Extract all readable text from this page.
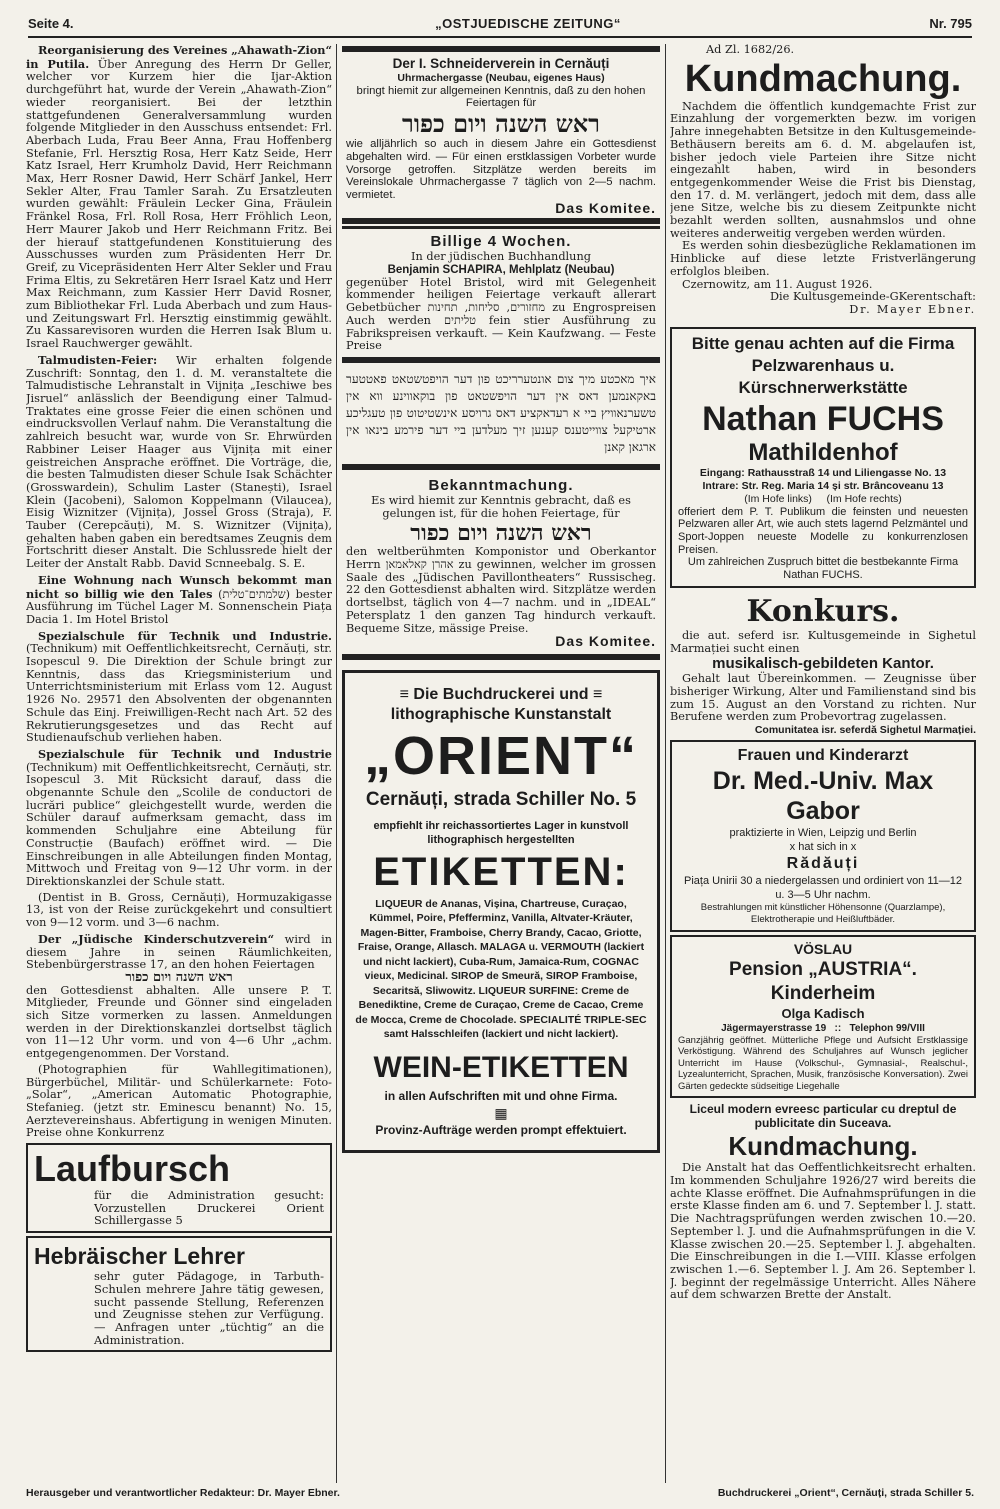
Seite 4.	„OSTJUEDISCHE ZEITUNG“	Nr. 795

Reorganisierung des Vereines „Ahawath-Zion“ in Putila. Über Anregung des Herrn Dr Geller, welcher vor Kurzem hier die Ijar-Aktion durchgeführt hat, wurde der Verein „Ahawath-Zion“ wieder reorganisiert. Bei der letzthin stattgefundenen Generalversammlung wurden folgende Mitglieder in den Ausschuss entsendet: Frl. Aberbach Luda, Frau Beer Anna, Frau Hoffenberg Stefanie, Frl. Hersztig Rosa, Herr Katz Seide, Herr Katz Israel, Herr Krumholz David, Herr Reichmann Max, Herr Rosner Dawid, Herr Schärf Jankel, Herr Sekler Alter, Frau Tamler Sarah. Zu Ersatzleuten wurden gewählt: Fräulein Lecker Gina, Fräulein Fränkel Rosa, Frl. Roll Rosa, Herr Fröhlich Leon, Herr Maurer Jakob und Herr Reichmann Fritz. Bei der hierauf stattgefundenen Konstituierung des Ausschusses wurden zum Präsidenten Herr Dr. Greif, zu Vicepräsidenten Herr Alter Sekler und Frau Frima Eltis, zu Sekretären Herr Israel Katz und Herr Max Reichmann, zum Kassier Herr David Rosner, zum Bibliothekar Frl. Luda Aberbach und zum Haus- und Zeitungswart Frl. Hersztig einstimmig gewählt. Zu Kassarevisoren wurden die Herren Isak Blum u. Israel Rauchwerger gewählt.

Talmudisten-Feier: Wir erhalten folgende Zuschrift: Sonntag, den 1. d. M. veranstaltete die Talmudistische Lehranstalt in Vijnița „Ieschiwe bes Jisruel“ anlässlich der Beendigung einer Talmud-Traktates eine grosse Feier die einen schönen und eindrucksvollen Verlauf nahm. Die Veranstaltung die zahlreich besucht war, wurde von Sr. Ehrwürden Rabbiner Leiser Haager aus Vijnița mit einer geistreichen Ansprache eröffnet. Die Vorträge, die, die besten Talmudisten dieser Schule Isak Schächter (Grosswardein), Schulim Laster (Stanești), Israel Klein (Jacobeni), Salomon Koppelmann (Vilaucea), Eisig Wiznitzer (Vijnița), Jossel Gross (Straja), F. Tauber (Cerepcăuți), M. S. Wiznitzer (Vijnița), gehalten haben gaben ein beredtsames Zeugnis dem Fortschritt dieser Anstalt. Die Schlussrede hielt der Leiter der Anstalt Rabb. David Scnneebalg. S. E.

Eine Wohnung nach Wunsch bekommt man nicht so billig wie den Tales (שלמתים־טלית) bester Ausführung im Tüchel Lager M. Sonnenschein Piața Dacia 1. Im Hotel Bristol

Spezialschule für Technik und Industrie. (Technikum) mit Oeffentlichkeitsrecht, Cernăuți, str. Isopescul 9. Die Direktion der Schule bringt zur Kenntnis, dass das Kriegsministerium und Unterrichtsministerium mit Erlass vom 12. August 1926 No. 29571 den Absolventen der obgenannten Schule das Einj. Freiwilligen-Recht nach Art. 52 des Rekrutierungsgesetzes und das Recht auf Studienaufschub verliehen haben.

Spezialschule für Technik und Industrie (Technikum) mit Oeffentlichkeitsrecht, Cernăuți, str. Isopescul 3. Mit Rücksicht darauf, dass die obgenannte Schule den „Scolile de conductori de lucrări publice“ gleichgestellt wurde, werden die Schüler darauf aufmerksam gemacht, dass im kommenden Schuljahre eine Abteilung für Construcție (Baufach) eröffnet wird. — Die Einschreibungen in alle Abteilungen finden Montag, Mittwoch und Freitag von 9—12 Uhr vorm. in der Direktionskanzlei der Schule statt.

(Dentist in B. Gross, Cernăuți), Hormuzakigasse 13, ist von der Reise zurückgekehrt und consultiert von 9—12 vorm. und 3—6 nachm.

Der „Jüdische Kinderschutzverein“ wird in diesem Jahre in seinen Räumlichkeiten, Stebenbürgerstrasse 17, an den hohen Feiertagen

ראש השנה ויום כפור

den Gottesdienst abhalten. Alle unsere P. T. Mitglieder, Freunde und Gönner sind eingeladen sich Sitze vormerken zu lassen. Anmeldungen werden in der Direktionskanzlei dortselbst täglich von 11—12 Uhr vorm. und von 4—6 Uhr „achm. entgegengenommen. Der Vorstand.

(Photographien für Wahllegitimationen), Bürgerbüchel, Militär- und Schülerkarnete: Foto-„Solar“, „American Automatic Photographie, Stefanieg. (jetzt str. Eminescu benannt) No. 15, Aerztevereinshaus. Abfertigung in wenigen Minuten. Preise ohne Konkurrenz

Laufbursch

für die Administration gesucht: Vorzustellen Druckerei Orient Schillergasse 5

Hebräischer Lehrer

sehr guter Pädagoge, in Tarbuth-Schulen mehrere Jahre tätig gewesen, sucht passende Stellung, Referenzen und Zeugnisse stehen zur Verfügung. — Anfragen unter „tüchtig“ an die Administration.

Der I. Schneiderverein in Cernăuți

Uhrmachergasse (Neubau, eigenes Haus)

bringt hiemit zur allgemeinen Kenntnis, daß zu den hohen Feiertagen für

ראש השנה ויום כפור

wie alljährlich so auch in diesem Jahre ein Gottesdienst abgehalten wird. — Für einen erstklassigen Vorbeter wurde Vorsorge getroffen. Sitzplätze werden bereits im Vereinslokale Uhrmachergasse 7 täglich von 2—5 nachm. vermietet.

Das Komitee.

Billige 4 Wochen.

In der jüdischen Buchhandlung

Benjamin SCHAPIRA, Mehlplatz (Neubau)

gegenüber Hotel Bristol, wird mit Gelegenheit kommender heiligen Feiertage verkauft allerart Gebetbücher מחזורים, סליחות, תחינות zu Engrospreisen Auch werden טליתים fein stier Ausführung zu Fabrikspreisen verkauft. — Kein Kaufzwang. — Feste Preise

איך מאכטע מיך צום אונטערריכט פון דער הויפטשטאט פאטטער באקאנמען דאס אין דער הויפשטאט פון בוקאווינע ווא אין טשערנאוויץ ביי א רעדאקציע דאס גרויסע אינשטיטוט פון טעגליכע ארטיקעל צווייטענס קענען זיך מעלדען ביי דער פירמע בינאו אין ארגאן קאנן

Bekanntmachung.

Es wird hiemit zur Kenntnis gebracht, daß es gelungen ist, für die hohen Feiertage, für

ראש השנה ויום כפור

den weltberühmten Komponistor und Oberkantor Herrn אהרן קאלאמאן zu gewinnen, welcher im grossen Saale des „Jüdischen Pavillontheaters“ Russischeg. 22 den Gottesdienst abhalten wird. Sitzplätze werden dortselbst, täglich von 4—7 nachm. und in „IDEAL“ Petersplatz 1 den ganzen Tag hindurch verkauft. Bequeme Sitze, mässige Preise.

Das Komitee.

≡ Die Buchdruckerei und ≡
lithographische Kunstanstalt
„ORIENT“
Cernăuți, strada Schiller No. 5
empfiehlt ihr reichassortiertes Lager in kunstvoll lithographisch hergestellten
ETIKETTEN:
LIQUEUR de Ananas, Vișina, Chartreuse, Curaçao, Kümmel, Poire, Pfefferminz, Vanilla, Altvater-Kräuter, Magen-Bitter, Framboise, Cherry Brandy, Cacao, Griotte, Fraise, Orange, Allasch. MALAGA u. VERMOUTH (lackiert und nicht lackiert), Cuba-Rum, Jamaica-Rum, COGNAC vieux, Medicinal. SIROP de Smeură, SIROP Framboise, Secaritsă, Sliwowitz. LIQUEUR SURFINE: Creme de Benediktine, Creme de Curaçao, Creme de Cacao, Creme de Mocca, Creme de Chocolade. SPECIALITÉ TRIPLE-SEC samt Halsschleifen (lackiert und nicht lackiert).
WEIN-ETIKETTEN
in allen Aufschriften mit und ohne Firma.
▦
Provinz-Aufträge werden prompt effektuiert.

Ad Zl. 1682/26.

Kundmachung.

Nachdem die öffentlich kundgemachte Frist zur Einzahlung der vorgemerkten bezw. im vorigen Jahre innegehabten Betsitze in den Kultusgemeinde-Bethäusern bereits am 6. d. M. abgelaufen ist, bisher jedoch viele Parteien ihre Sitze nicht eingezahlt haben, wird in besonders entgegenkommender Weise die Frist bis Dienstag, den 17. d. M. verlängert, jedoch mit dem, dass alle jene Sitze, welche bis zu diesem Zeitpunkte nicht bezahlt werden sollten, ausnahmslos und ohne weiteres anderweitig vergeben werden würden.

Es werden sohin diesbezügliche Reklamationen im Hinblicke auf diese letzte Fristverlängerung erfolglos bleiben.

Czernowitz, am 11. August 1926.

Die Kultusgemeinde-GKerentschaft:

Dr. Mayer Ebner.

Bitte genau achten auf die Firma
Pelzwarenhaus u. Kürschnerwerkstätte
Nathan FUCHS
Mathildenhof
Eingang: Rathausstraß 14 und Liliengasse No. 13
Intrare: Str. Reg. Maria 14 și str. Brâncoveanu 13
(Im Hofe links)     (Im Hofe rechts)

offeriert dem P. T. Publikum die feinsten und neuesten Pelzwaren aller Art, wie auch stets lagernd Pelzmäntel und Sport-Joppen neueste Modelle zu konkurrenzlosen Preisen.

Um zahlreichen Zuspruch bittet die bestbekannte Firma Nathan FUCHS.

Konkurs.

die aut. seferd isr. Kultusgemeinde in Sighetul Marmației sucht einen

musikalisch-gebildeten Kantor.

Gehalt laut Übereinkommen. — Zeugnisse über bisheriger Wirkung, Alter und Familienstand sind bis zum 15. August an den Vorstand zu richten. Nur Berufene werden zum Probevortrag zugelassen.

Comunitatea isr. seferdă Sighetul Marmației.

Frauen und Kinderarzt
Dr. Med.-Univ. Max Gabor
praktizierte in Wien, Leipzig und Berlin
x hat sich in x
Rădăuți
Piața Unirii 30 a niedergelassen und ordiniert von 11—12 u. 3—5 Uhr nachm.
Bestrahlungen mit künstlicher Höhensonne (Quarzlampe), Elektrotherapie und Heißluftbäder.
VÖSLAU
Pension „AUSTRIA“. Kinderheim
Olga Kadisch
Jägermayerstrasse 19   ::   Telephon 99/VIII

Ganzjährig geöffnet. Mütterliche Pflege und Aufsicht Erstklassige Verköstigung. Während des Schuljahres auf Wunsch jeglicher Unterricht im Hause (Volkschul-, Gymnasial-, Realschul-, Lyzealunterricht, Sprachen, Musik, französische Konversation). Zwei Gärten gedeckte südseitige Liegehalle

Liceul modern evreesc particular cu dreptul de publicitate din Suceava.

Kundmachung.

Die Anstalt hat das Oeffentlichkeitsrecht erhalten. Im kommenden Schuljahre 1926/27 wird bereits die achte Klasse eröffnet. Die Aufnahmsprüfungen in die erste Klasse finden am 6. und 7. September l. J. statt. Die Nachtragsprüfungen werden zwischen 10.—20. September l. J. und die Aufnahmsprüfungen in die V. Klasse zwischen 20.—25. September l. J. abgehalten. Die Einschreibungen in die I.—VIII. Klasse erfolgen zwischen 1.—6. September l. J. Am 26. September l. J. beginnt der regelmässige Unterricht. Alles Nähere auf dem schwarzen Brette der Anstalt.

Herausgeber und verantwortlicher Redakteur: Dr. Mayer Ebner.	Buchdruckerei „Orient“, Cernăuți, strada Schiller 5.
